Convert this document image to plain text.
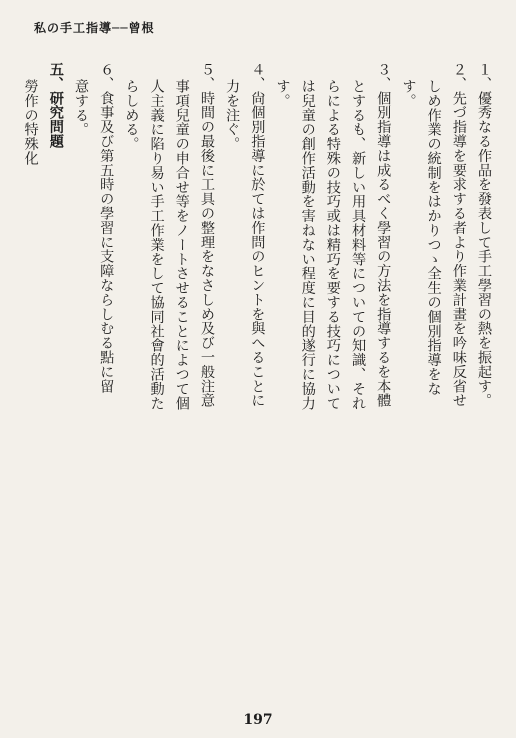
私の手工指導──曾根
１、優秀なる作品を發表して手工學習の熱を振起す。
２、先づ指導を要求する者より作業計畫を吟味反省せ
しめ作業の統制をはかりつゝ全生の個別指導をな
す。
３、個別指導は成るべく學習の方法を指導するを本體
とするも、新しい用具材料等についての知識、それ
らによる特殊の技巧或は精巧を要する技巧について
は兒童の創作活動を害ねない程度に目的遂行に協力
す。
４、尙個別指導に於ては作問のヒントを與へることに
力を注ぐ。
５、時間の最後に工具の整理をなさしめ及び一般注意
事項兒童の申合せ等をノートさせることによつて個
人主義に陷り易い手工作業をして協同社會的活動た
らしめる。
６、食事及び第五時の學習に支障ならしむる點に留
意する。
五、研究問題
勞作の特殊化
197
